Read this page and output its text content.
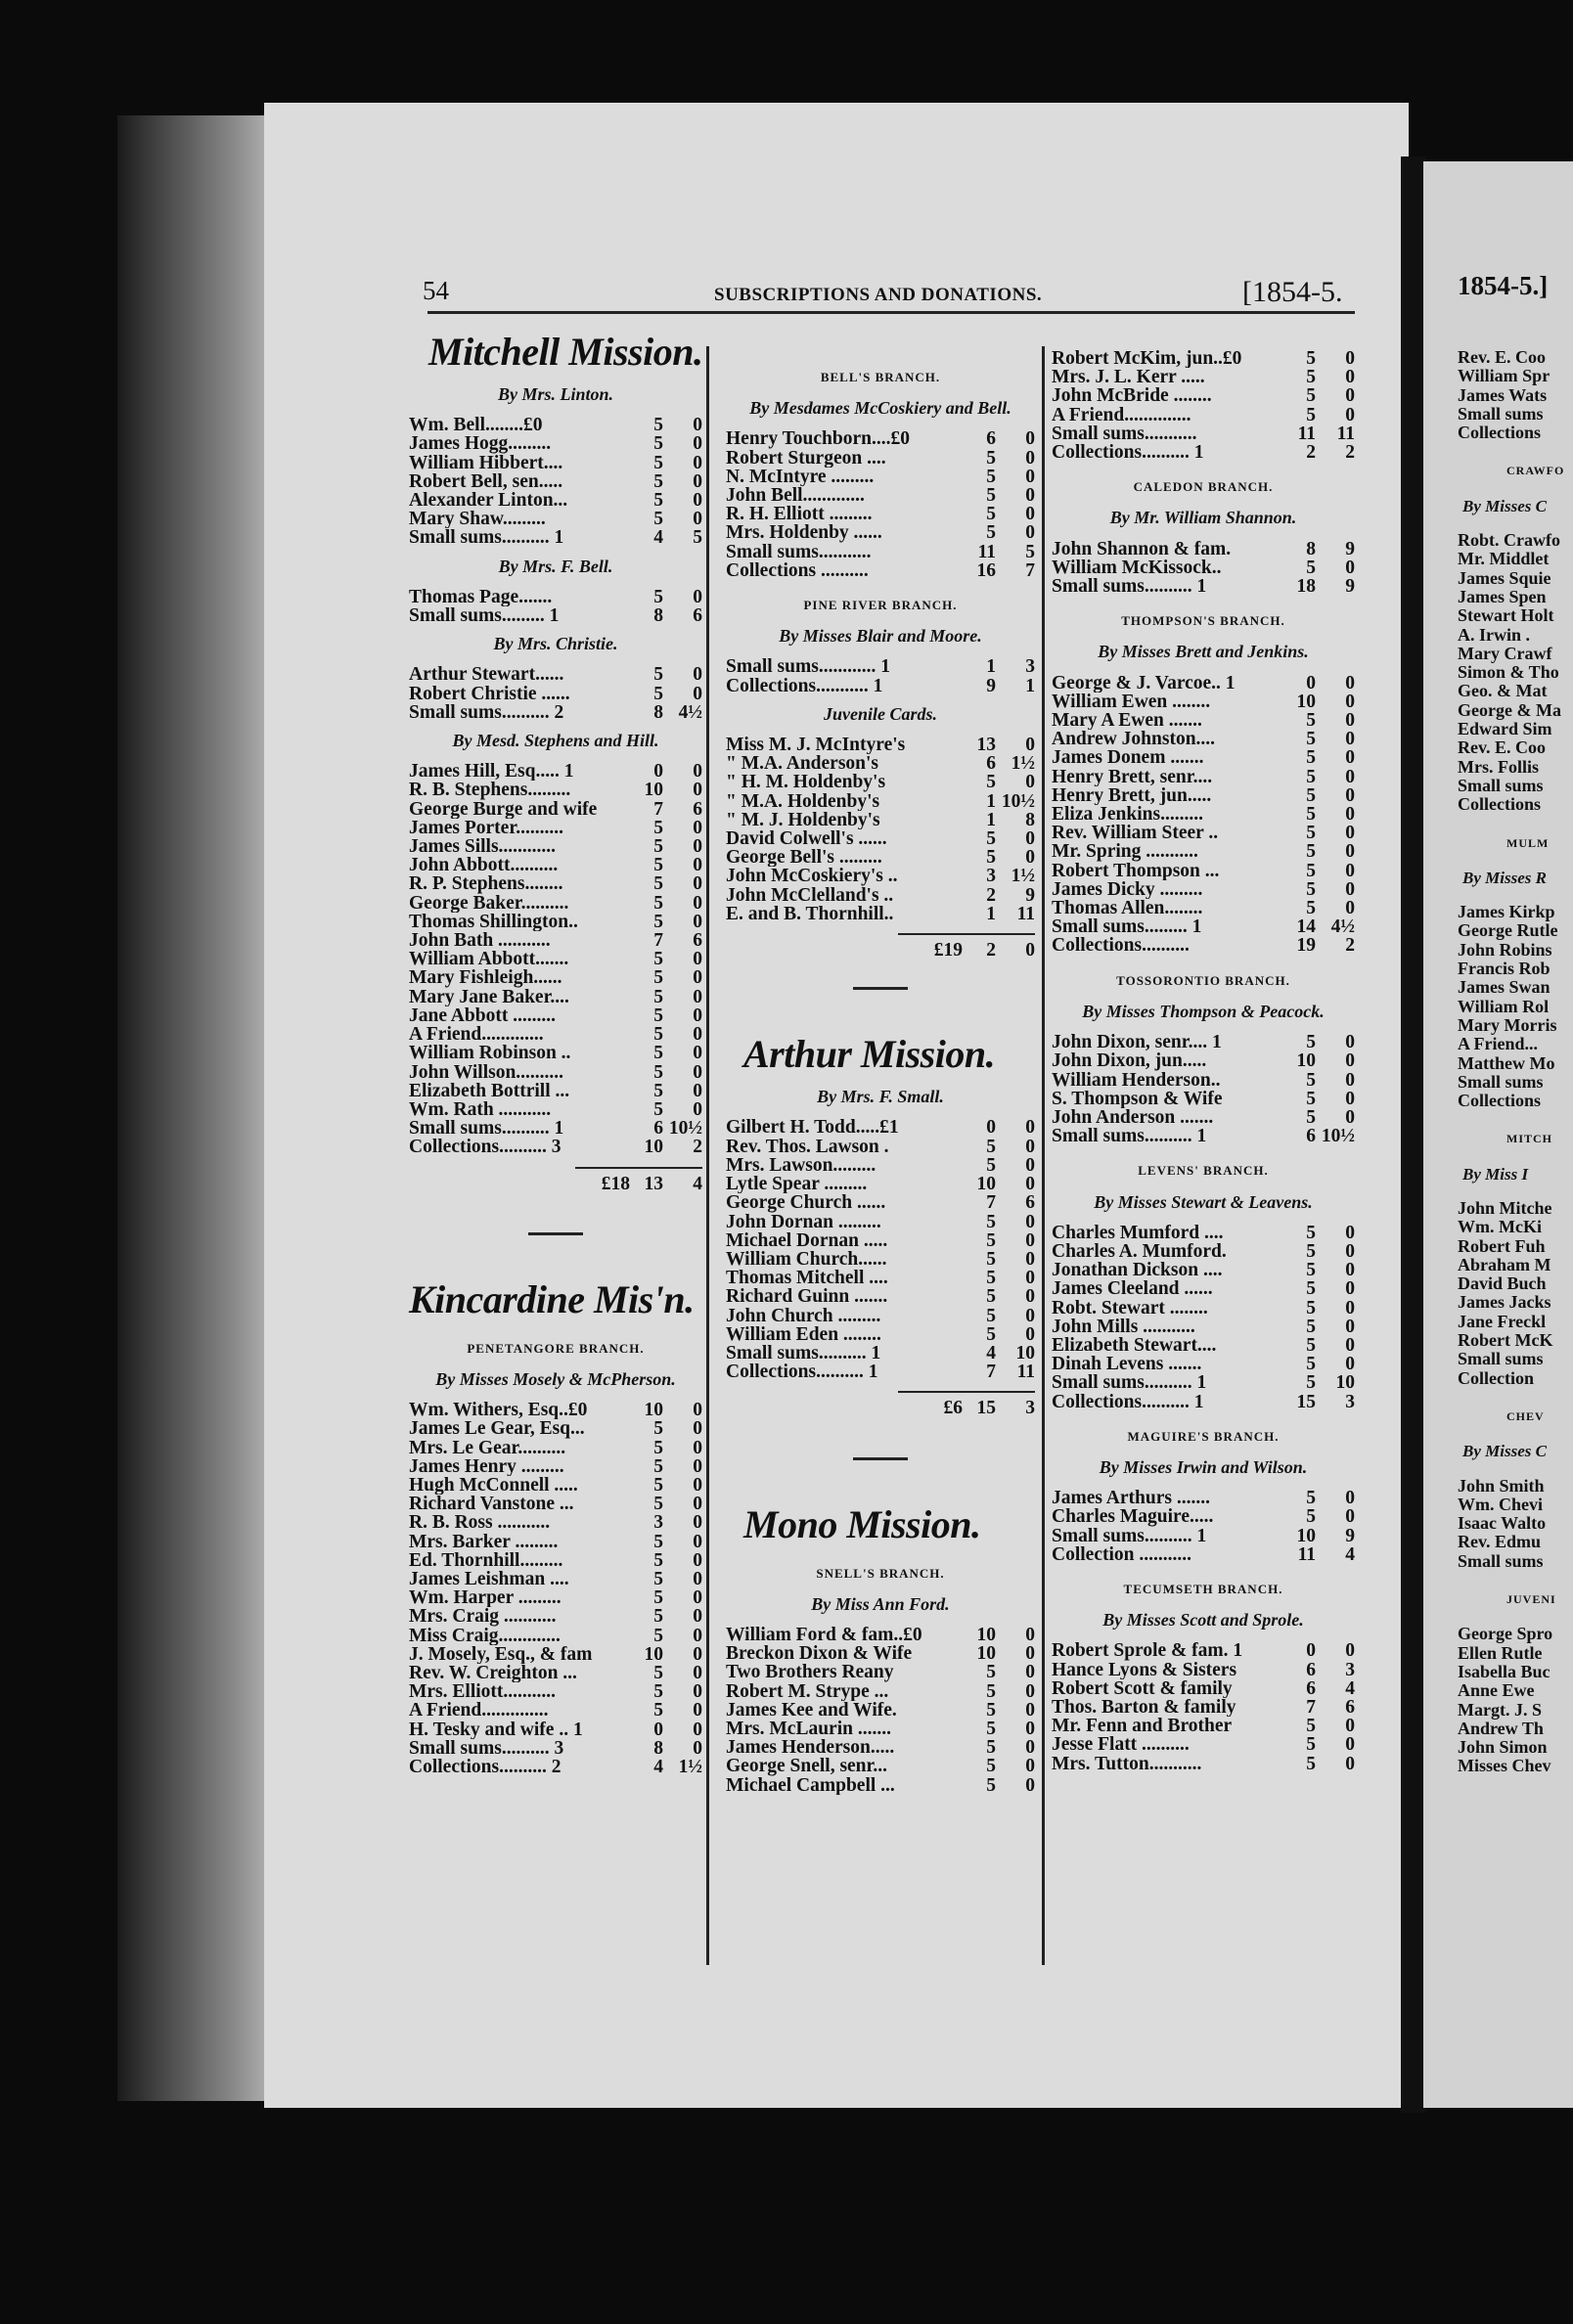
54	SUBSCRIPTIONS AND DONATIONS.	[1854-5.
Mitchell Mission.
By Mrs. Linton.
Wm. Bell........£0	5	0
James Hogg.........	5	0
William Hibbert....	5	0
Robert Bell, sen.....	5	0
Alexander Linton...	5	0
Mary Shaw.........	5	0
Small sums.......... 1	4	5
By Mrs. F. Bell.
Thomas Page.......	5	0
Small sums......... 1	8	6
By Mrs. Christie.
Arthur Stewart......	5	0
Robert Christie ......	5	0
Small sums.......... 2	8 4½
By Mesd. Stephens and Hill.
James Hill, Esq..... 1	0	0
R. B. Stephens.........	10	0
George Burge and wife	7	6
James Porter..........	5	0
James Sills............	5	0
John Abbott..........	5	0
R. P. Stephens........	5	0
George Baker..........	5	0
Thomas Shillington..	5	0
John Bath ...........	7	6
William Abbott.......	5	0
Mary Fishleigh......	5	0
Mary Jane Baker....	5	0
Jane Abbott .........	5	0
A Friend.............	5	0
William Robinson ..	5	0
John Willson..........	5	0
Elizabeth Bottrill ...	5	0
Wm. Rath ...........	5	0
Small sums.......... 1	6 10½
Collections.......... 3	10	2
£18 13	4
Kincardine Mis'n.
PENETANGORE BRANCH.
By Misses Mosely & McPherson.
Wm. Withers, Esq..£0	10	0
James Le Gear, Esq...	5	0
Mrs. Le Gear..........	5	0
James Henry .........	5	0
Hugh McConnell .....	5	0
Richard Vanstone ...	5	0
R. B. Ross ...........	3	0
Mrs. Barker .........	5	0
Ed. Thornhill.........	5	0
James Leishman ....	5	0
Wm. Harper .........	5	0
Mrs. Craig ...........	5	0
Miss Craig.............	5	0
J. Mosely, Esq., & fam	10	0
Rev. W. Creighton ...	5	0
Mrs. Elliott...........	5	0
A Friend..............	5	0
H. Tesky and wife .. 1	0	0
Small sums.......... 3	8	0
Collections.......... 2	4 1½
BELL'S BRANCH.
By Mesdames McCoskiery and Bell.
Henry Touchborn....£0	6	0
Robert Sturgeon ....	5	0
N. McIntyre .........	5	0
John Bell.............	5	0
R. H. Elliott .........	5	0
Mrs. Holdenby ......	5	0
Small sums...........	11	5
Collections ..........	16	7
PINE RIVER BRANCH.
By Misses Blair and Moore.
Small sums............ 1	1	3
Collections........... 1	9	1
Juvenile Cards.
Miss M. J. McIntyre's	13	0
" M.A. Anderson's	6 1½
" H. M. Holdenby's	5	0
" M.A. Holdenby's	1 10½
" M. J. Holdenby's	1	8
David Colwell's ......	5	0
George Bell's .........	5	0
John McCoskiery's ..	3 1½
John McClelland's ..	2	9
E. and B. Thornhill..	1	11
£19	2	0
Arthur Mission.
By Mrs. F. Small.
Gilbert H. Todd.....£1	0	0
Rev. Thos. Lawson .	5	0
Mrs. Lawson.........	5	0
Lytle Spear .........	10	0
George Church ......	7	6
John Dornan .........	5	0
Michael Dornan .....	5	0
William Church......	5	0
Thomas Mitchell ....	5	0
Richard Guinn .......	5	0
John Church .........	5	0
William Eden ........	5	0
Small sums.......... 1	4	10
Collections.......... 1	7	11
£6 15	3
Mono Mission.
SNELL'S BRANCH.
By Miss Ann Ford.
William Ford & fam..£0	10	0
Breckon Dixon & Wife	10	0
Two Brothers Reany	5	0
Robert M. Strype ...	5	0
James Kee and Wife.	5	0
Mrs. McLaurin .......	5	0
James Henderson.....	5	0
George Snell, senr...	5	0
Michael Campbell ...	5	0
Robert McKim, jun..£0	5	0
Mrs. J. L. Kerr .....	5	0
John McBride ........	5	0
A Friend..............	5	0
Small sums...........	11	11
Collections.......... 1	2	2
CALEDON BRANCH.
By Mr. William Shannon.
John Shannon & fam.	8	9
William McKissock..	5	0
Small sums.......... 1	18	9
THOMPSON'S BRANCH.
By Misses Brett and Jenkins.
George & J. Varcoe.. 1	0	0
William Ewen ........	10	0
Mary A Ewen .......	5	0
Andrew Johnston....	5	0
James Donem .......	5	0
Henry Brett, senr....	5	0
Henry Brett, jun.....	5	0
Eliza Jenkins.........	5	0
Rev. William Steer ..	5	0
Mr. Spring ...........	5	0
Robert Thompson ...	5	0
James Dicky .........	5	0
Thomas Allen........	5	0
Small sums......... 1	14 4½
Collections..........	19	2
TOSSORONTIO BRANCH.
By Misses Thompson & Peacock.
John Dixon, senr.... 1	5	0
John Dixon, jun.....	10	0
William Henderson..	5	0
S. Thompson & Wife	5	0
John Anderson .......	5	0
Small sums.......... 1	6 10½
LEVENS' BRANCH.
By Misses Stewart & Leavens.
Charles Mumford ....	5	0
Charles A. Mumford.	5	0
Jonathan Dickson ....	5	0
James Cleeland ......	5	0
Robt. Stewart ........	5	0
John Mills ...........	5	0
Elizabeth Stewart....	5	0
Dinah Levens .......	5	0
Small sums.......... 1	5	10
Collections.......... 1	15	3
MAGUIRE'S BRANCH.
By Misses Irwin and Wilson.
James Arthurs .......	5	0
Charles Maguire.....	5	0
Small sums.......... 1	10	9
Collection ...........	11	4
TECUMSETH BRANCH.
By Misses Scott and Sprole.
Robert Sprole & fam. 1	0	0
Hance Lyons & Sisters	6	3
Robert Scott & family	6	4
Thos. Barton & family	7	6
Mr. Fenn and Brother	5	0
Jesse Flatt ..........	5	0
Mrs. Tutton...........	5	0
1854-5.]
Rev. E. Coo
William Spr
James Wats
Small sums
Collections
CRAWFO
By Misses C
Robt. Crawfo
Mr. Middlet
James Squie
James Spen
Stewart Holt
A. Irwin .
Mary Crawf
Simon & Tho
Geo. & Mat
George & Ma
Edward Sim
Rev. E. Coo
Mrs. Follis
Small sums
Collections
MULM
By Misses R
James Kirkp
George Rutle
John Robins
Francis Rob
James Swan
William Rol
Mary Morris
A Friend...
Matthew Mo
Small sums
Collections
MITCH
By Miss I
John Mitche
Wm. McKi
Robert Fuh
Abraham M
David Buch
James Jacks
Jane Freckl
Robert McK
Small sums
Collection
CHEV
By Misses C
John Smith
Wm. Chevi
Isaac Walto
Rev. Edmu
Small sums
JUVENI
George Spro
Ellen Rutle
Isabella Buc
Anne Ewe
Margt. J. S
Andrew Th
John Simon
Misses Chev
